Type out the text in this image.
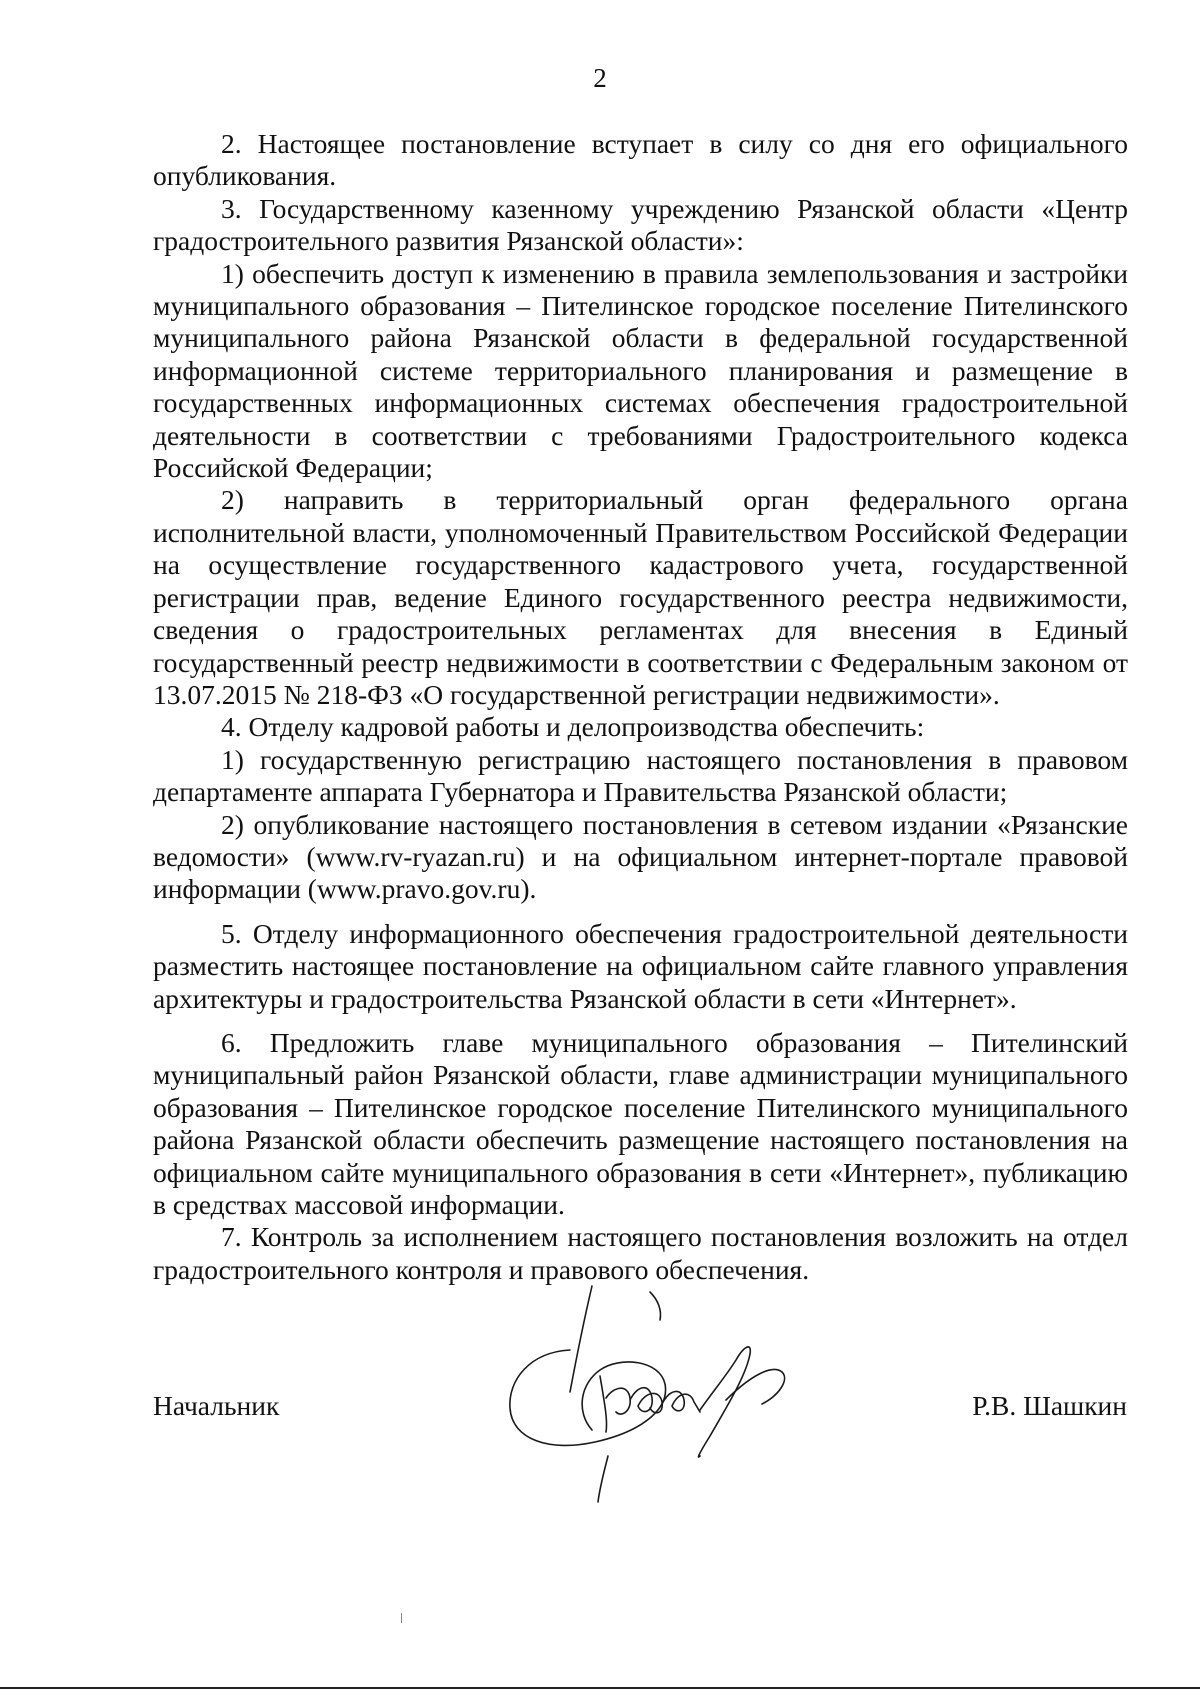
2

2. Настоящее постановление вступает в силу со дня его официального опубликования.

3. Государственному казенному учреждению Рязанской области «Центр градостроительного развития Рязанской области»:

1) обеспечить доступ к изменению в правила землепользования и застройки муниципального образования – Пителинское городское поселение Пителинского муниципального района Рязанской области в федеральной государственной информационной системе территориального планирования и размещение в государственных информационных системах обеспечения градостроительной деятельности в соответствии с требованиями Градостроительного кодекса Российской Федерации;

2) направить в территориальный орган федерального органа исполнительной власти, уполномоченный Правительством Российской Федерации на осуществление государственного кадастрового учета, государственной регистрации прав, ведение Единого государственного реестра недвижимости, сведения о градостроительных регламентах для внесения в Единый государственный реестр недвижимости в соответствии с Федеральным законом от 13.07.2015 № 218-ФЗ «О государственной регистрации недвижимости».

4. Отделу кадровой работы и делопроизводства обеспечить:

1) государственную регистрацию настоящего постановления в правовом департаменте аппарата Губернатора и Правительства Рязанской области;

2) опубликование настоящего постановления в сетевом издании «Рязанские ведомости» (www.rv-ryazan.ru) и на официальном интернет-портале правовой информации (www.pravo.gov.ru).

5. Отделу информационного обеспечения градостроительной деятельности разместить настоящее постановление на официальном сайте главного управления архитектуры и градостроительства Рязанской области в сети «Интернет».

6. Предложить главе муниципального образования – Пителинский муниципальный район Рязанской области, главе администрации муниципального образования – Пителинское городское поселение Пителинского муниципального района Рязанской области обеспечить размещение настоящего постановления на официальном сайте муниципального образования в сети «Интернет», публикацию в средствах массовой информации.

7. Контроль за исполнением настоящего постановления возложить на отдел градостроительного контроля и правового обеспечения.

Начальник	Р.В. Шашкин
